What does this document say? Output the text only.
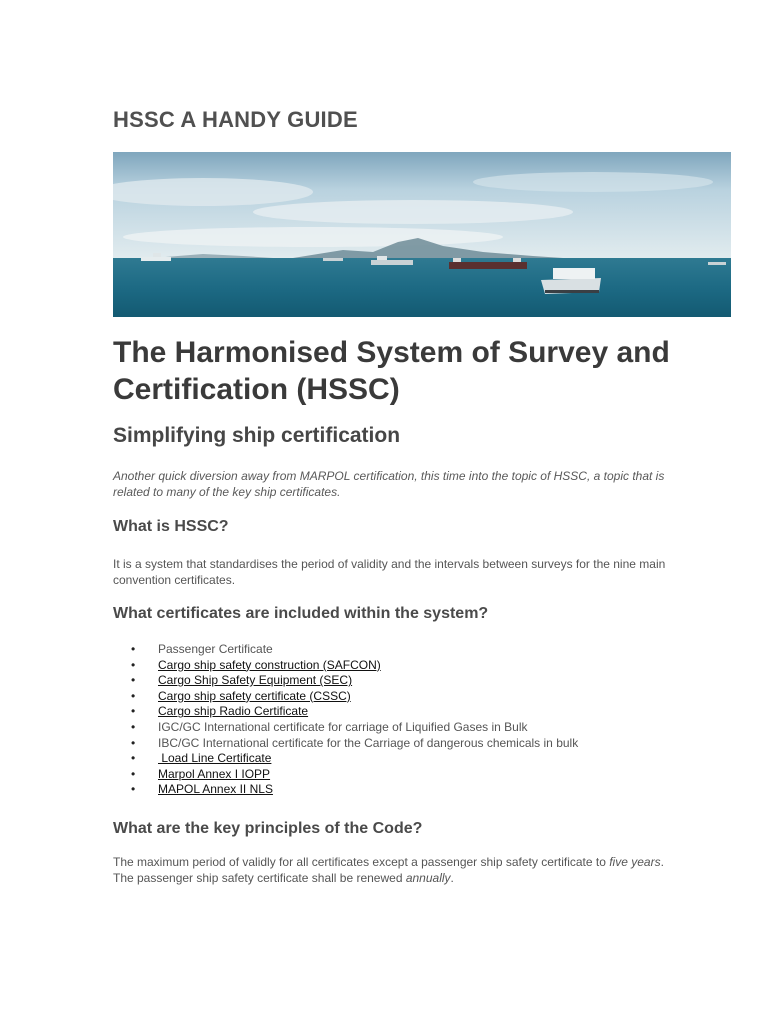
HSSC A HANDY GUIDE
The Harmonised System of Survey and Certification (HSSC)
Simplifying ship certification

Another quick diversion away from MARPOL certification, this time into the topic of HSSC, a topic that is related to many of the key ship certificates.

What is HSSC?

It is a system that standardises the period of validity and the intervals between surveys for the nine main convention certificates.

What certificates are included within the system?
• Passenger Certificate
• Cargo ship safety construction (SAFCON)
• Cargo Ship Safety Equipment (SEC)
• Cargo ship safety certificate (CSSC)
• Cargo ship Radio Certificate
• IGC/GC International certificate for carriage of Liquified Gases in Bulk
• IBC/GC International certificate for the Carriage of dangerous chemicals in bulk
•  Load Line Certificate
• Marpol Annex I IOPP
• MAPOL Annex II NLS
What are the key principles of the Code?

The maximum period of validly for all certificates except a passenger ship safety certificate to five years. The passenger ship safety certificate shall be renewed annually.
